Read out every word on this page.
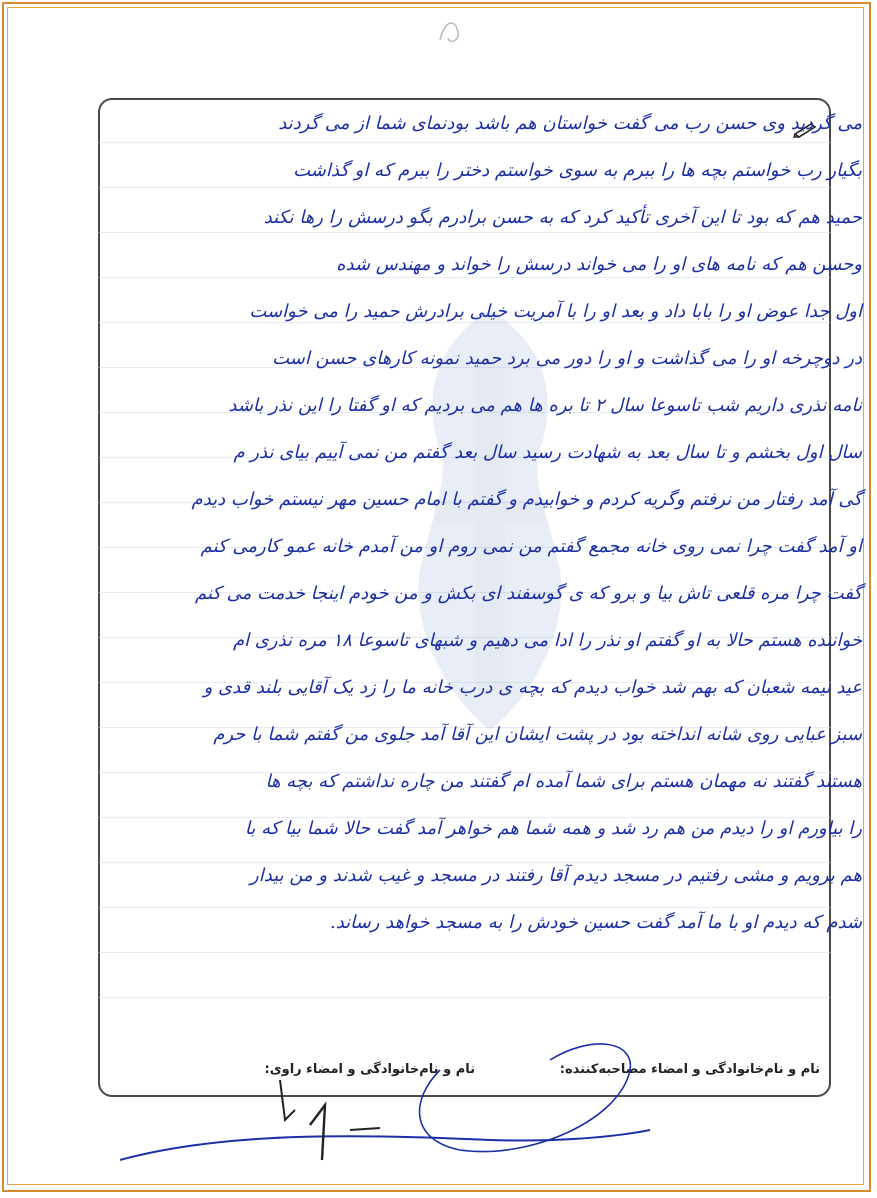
می گردید وی حسن رب می گفت خواستان هم باشد بودنمای شما از می گردند
بگیار رب خواستم بچه ها را ببرم به سوی خواستم دختر را ببرم که او گذاشت
حمید هم که بود تا این آخری تأکید کرد که به حسن برادرم بگو درسش را رها نکند
وحسن هم که نامه های او را می خواند درسش را خواند و مهندس شده
اول جدا عوض او را بابا داد و بعد او را با آمریت خیلی برادرش حمید را می خواست
در دوچرخه او را می گذاشت و او را دور می برد حمید نمونه کارهای حسن است
نامه نذری داریم شب تاسوعا سال ۲ تا بره ها هم می بردیم که او گفتا را این نذر باشد
سال اول بخشم و تا سال بعد به شهادت رسید سال بعد گفتم من نمی آییم بیای نذر م
گی آمد رفتار من نرفتم وگریه کردم و خوابیدم و گفتم با امام حسین مهر نیستم خواب دیدم
او آمد گفت چرا نمی روی خانه مجمع گفتم من نمی روم او من آمدم خانه عمو کارمی کنم
گفت چرا مره قلعی تاش بیا و برو که ی گوسفند ای بکش و من خودم اینجا خدمت می کنم
خواننده هستم حالا به او گفتم او نذر را ادا می دهیم و شبهای تاسوعا ۱۸ مره نذری ام
عید نیمه شعبان که بهم شد خواب دیدم که بچه ی درب خانه ما را زد یک آقایی بلند قدی و
سبز عبایی روی شانه انداخته بود در پشت ایشان این آقا آمد جلوی من گفتم شما با حرم
هستند گفتند نه مهمان هستم برای شما آمده ام گفتند من چاره نداشتم که بچه ها
را بیاورم او را دیدم من هم رد شد و همه شما هم خواهر آمد گفت حالا شما بیا که با
هم برویم و مشی رفتیم در مسجد دیدم آقا رفتند در مسجد و غیب شدند و من بیدار
شدم که دیدم او با ما آمد گفت حسین خودش را به مسجد خواهد رساند.
نام و نام‌خانوادگی و امضاء مصاحبه‌کننده:
نام و نام‌خانوادگی و امضاء راوی:
